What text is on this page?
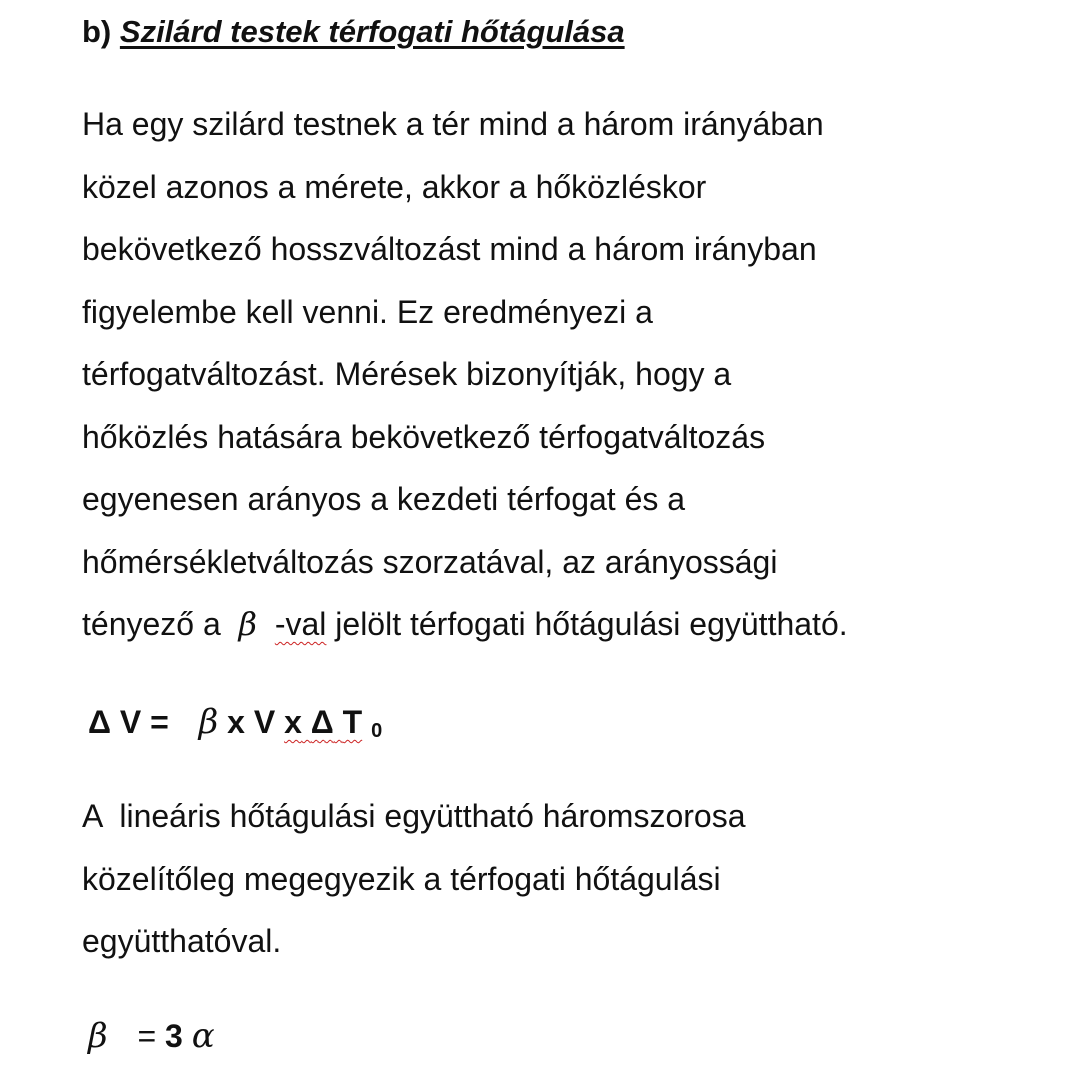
b) Szilárd testek térfogati hőtágulása
Ha egy szilárd testnek a tér mind a három irányában
közel azonos a mérete, akkor a hőközléskor
bekövetkező hosszváltozást mind a három irányban
figyelembe kell venni. Ez eredményezi a
térfogatváltozást. Mérések bizonyítják, hogy a
hőközlés hatására bekövetkező térfogatváltozás
egyenesen arányos a kezdeti térfogat és a
hőmérsékletváltozás szorzatával, az arányossági
tényező a β -val jelölt térfogati hőtágulási együttható.
Δ V = β x V x Δ T 0
A  lineáris hőtágulási együttható háromszorosa
közelítőleg megegyezik a térfogati hőtágulási
együtthatóval.
β = 3 α
